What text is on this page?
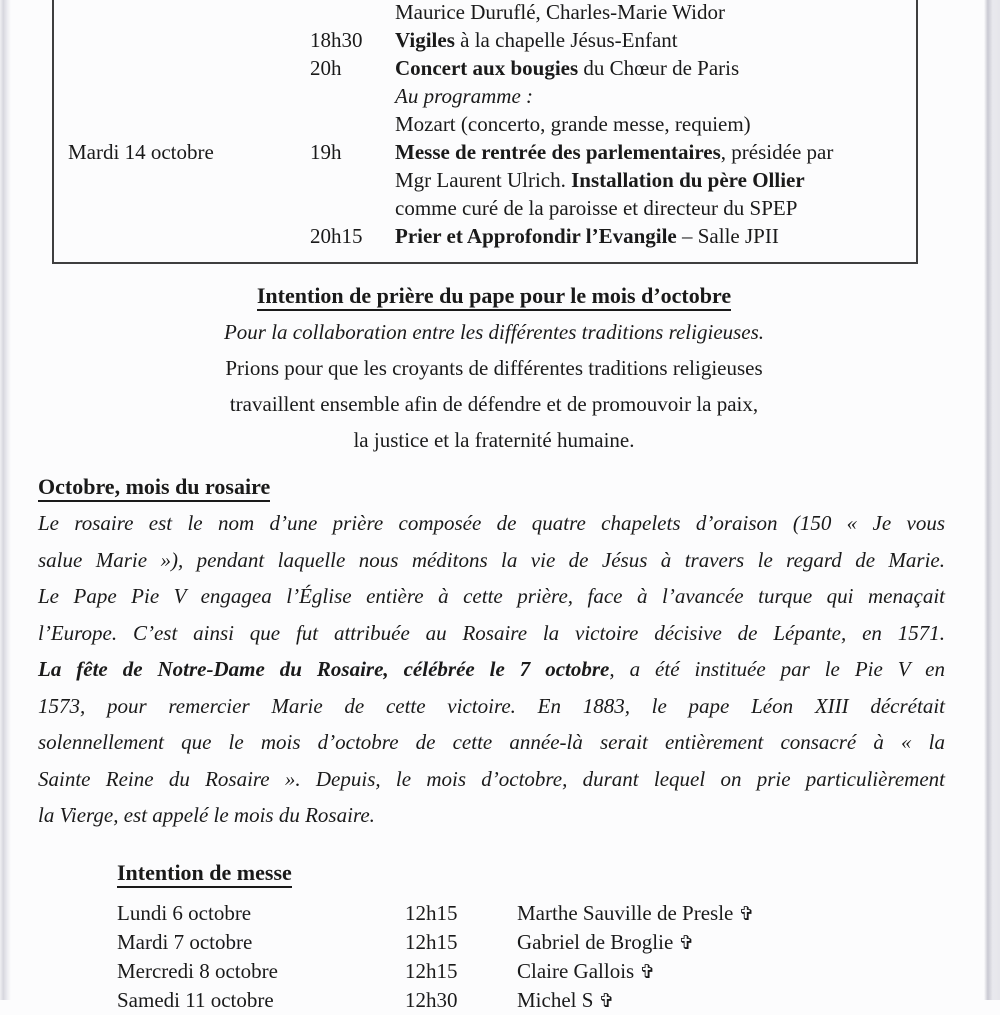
Maurice Duruflé, Charles-Marie Widor
18h30	Vigiles à la chapelle Jésus-Enfant
20h	Concert aux bougies du Chœur de Paris
Au programme :
Mozart (concerto, grande messe, requiem)
Mardi 14 octobre	19h	Messe de rentrée des parlementaires, présidée par
Mgr Laurent Ulrich. Installation du père Ollier
comme curé de la paroisse et directeur du SPEP
20h15	Prier et Approfondir l’Evangile – Salle JPII
Intention de prière du pape pour le mois d’octobre
Pour la collaboration entre les différentes traditions religieuses.
Prions pour que les croyants de différentes traditions religieuses
travaillent ensemble afin de défendre et de promouvoir la paix,
la justice et la fraternité humaine.
Octobre, mois du rosaire
Le rosaire est le nom d’une prière composée de quatre chapelets d’oraison (150 « Je vous
salue Marie »), pendant laquelle nous méditons la vie de Jésus à travers le regard de Marie.
Le Pape Pie V engagea l’Église entière à cette prière, face à l’avancée turque qui menaçait
l’Europe. C’est ainsi que fut attribuée au Rosaire la victoire décisive de Lépante, en 1571.
La fête de Notre-Dame du Rosaire, célébrée le 7 octobre, a été instituée par le Pie V en
1573, pour remercier Marie de cette victoire. En 1883, le pape Léon XIII décrétait
solennellement que le mois d’octobre de cette année-là serait entièrement consacré à « la
Sainte Reine du Rosaire ». Depuis, le mois d’octobre, durant lequel on prie particulièrement
la Vierge, est appelé le mois du Rosaire.
Intention de messe
Lundi 6 octobre	12h15	Marthe Sauville de Presle ✞
Mardi 7 octobre	12h15	Gabriel de Broglie ✞
Mercredi 8 octobre	12h15	Claire Gallois ✞
Samedi 11 octobre	12h30	Michel S ✞
